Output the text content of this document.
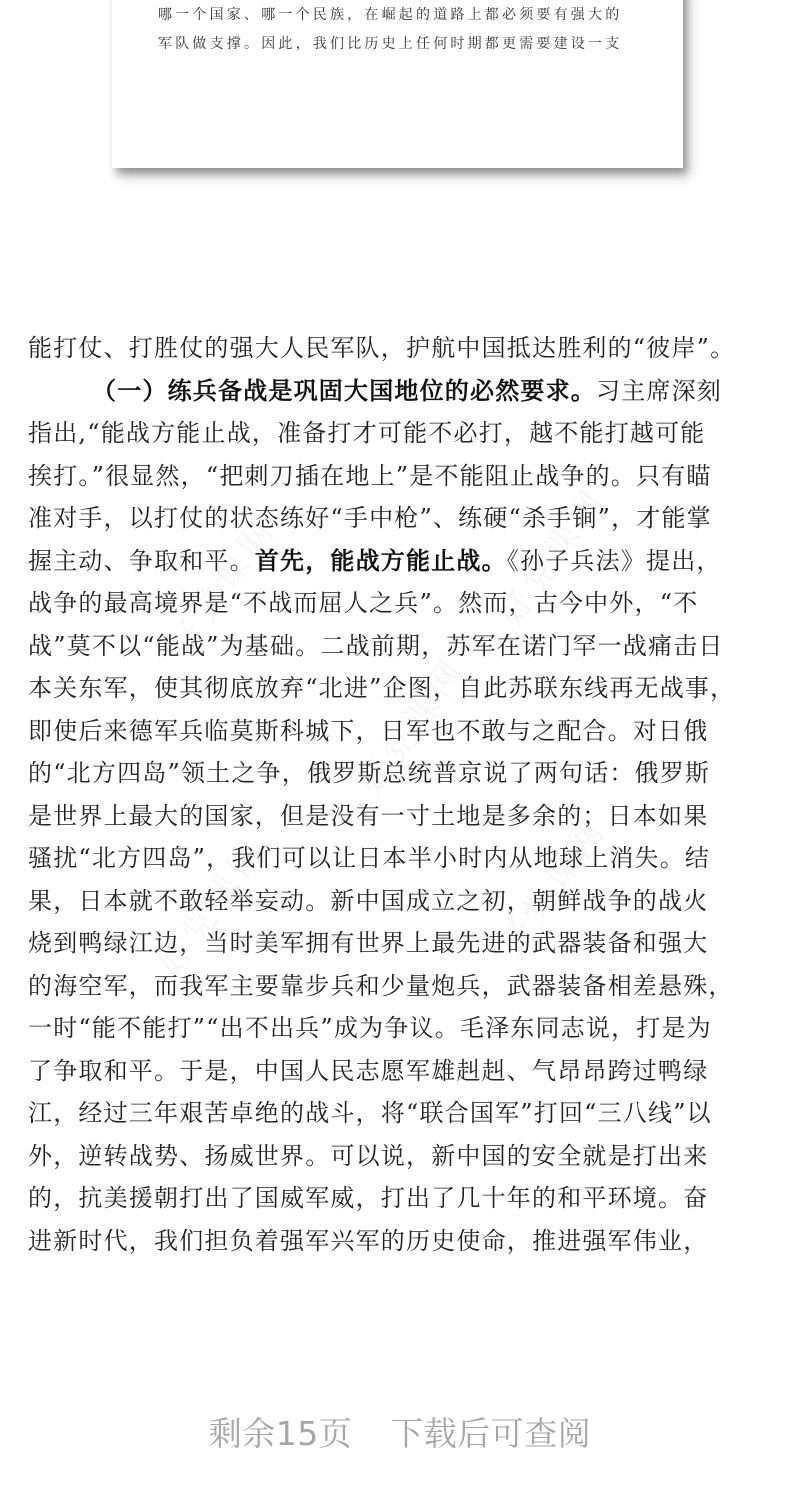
哪一个国家、哪一个民族，在崛起的道路上都必须要有强大的
军队做支撑。因此，我们比历史上任何时期都更需要建设一支
能打仗、打胜仗的强大人民军队，护航中国抵达胜利的“彼岸”。
（一）练兵备战是巩固大国地位的必然要求。习主席深刻
指出,“能战方能止战，准备打才可能不必打，越不能打越可能
挨打。”很显然，“把刺刀插在地上”是不能阻止战争的。只有瞄
准对手，以打仗的状态练好“手中枪”、练硬“杀手锏”，才能掌
握主动、争取和平。首先，能战方能止战。《孙子兵法》提出，
战争的最高境界是“不战而屈人之兵”。然而，古今中外，“不
战”莫不以“能战”为基础。二战前期，苏军在诺门罕一战痛击日
本关东军，使其彻底放弃“北进”企图，自此苏联东线再无战事，
即使后来德军兵临莫斯科城下，日军也不敢与之配合。对日俄
的“北方四岛”领土之争，俄罗斯总统普京说了两句话：俄罗斯
是世界上最大的国家，但是没有一寸土地是多余的；日本如果
骚扰“北方四岛”，我们可以让日本半小时内从地球上消失。结
果，日本就不敢轻举妄动。新中国成立之初，朝鲜战争的战火
烧到鸭绿江边，当时美军拥有世界上最先进的武器装备和强大
的海空军，而我军主要靠步兵和少量炮兵，武器装备相差悬殊，
一时“能不能打”“出不出兵”成为争议。毛泽东同志说，打是为
了争取和平。于是，中国人民志愿军雄赳赳、气昂昂跨过鸭绿
江，经过三年艰苦卓绝的战斗，将“联合国军”打回“三八线”以
外，逆转战势、扬威世界。可以说，新中国的安全就是打出来
的，抗美援朝打出了国威军威，打出了几十年的和平环境。奋
进新时代，我们担负着强军兴军的历史使命，推进强军伟业，
剩余15页 下载后可查阅
